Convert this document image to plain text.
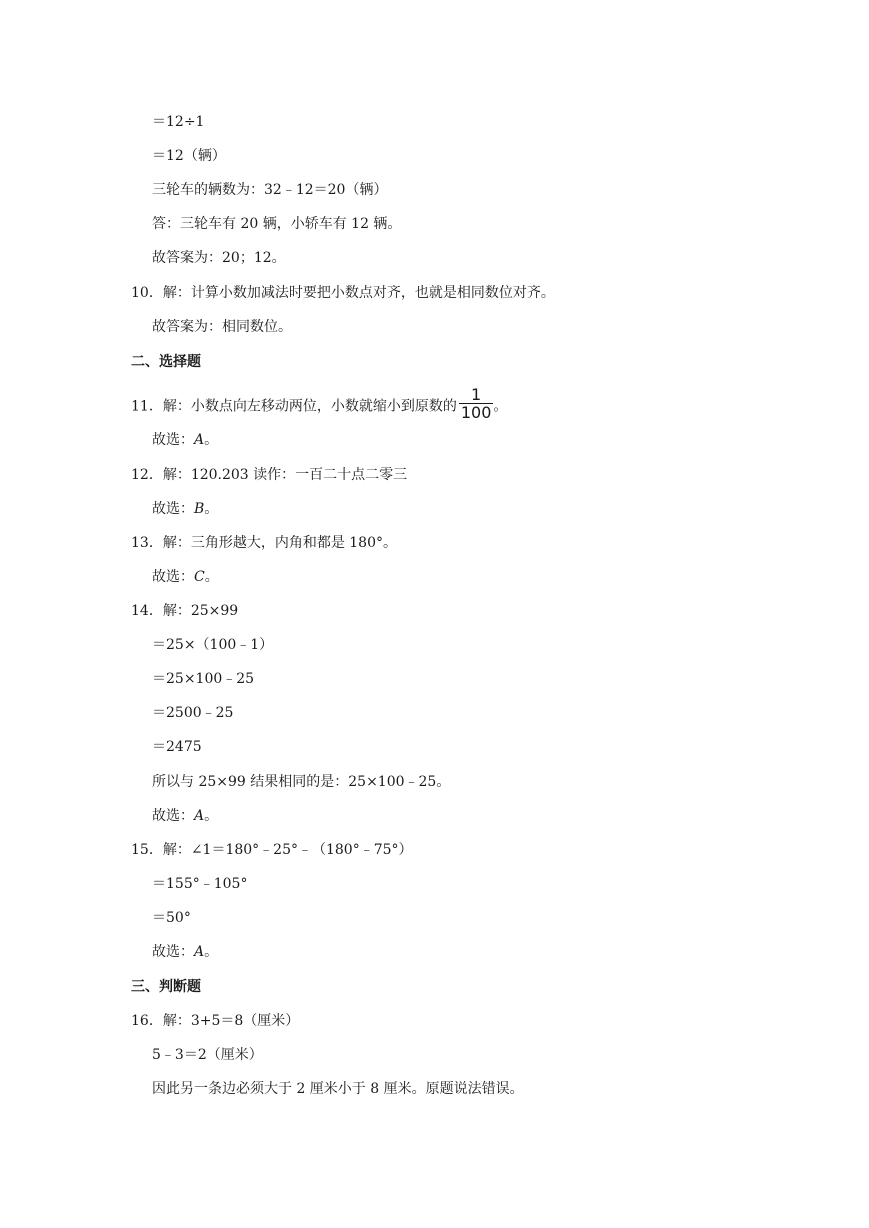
＝12÷1
＝12（辆）
三轮车的辆数为：32﹣12＝20（辆）
答：三轮车有 20 辆，小轿车有 12 辆。
故答案为：20；12。
10．解：计算小数加减法时要把小数点对齐，也就是相同数位对齐。
故答案为：相同数位。
二、选择题
11．解：小数点向左移动两位，小数就缩小到原数的 $\frac{1}{100}$ 。
故选：A。
12．解：120.203 读作：一百二十点二零三
故选：B。
13．解：三角形越大，内角和都是 180°。
故选：C。
14．解：25×99
＝25×（100﹣1）
＝25×100﹣25
＝2500﹣25
＝2475
所以与 25×99 结果相同的是：25×100﹣25。
故选：A。
15．解：∠1＝180°﹣25°﹣（180°﹣75°）
＝155°﹣105°
＝50°
故选：A。
三、判断题
16．解：3+5＝8（厘米）
5﹣3＝2（厘米）
因此另一条边必须大于 2 厘米小于 8 厘米。原题说法错误。
